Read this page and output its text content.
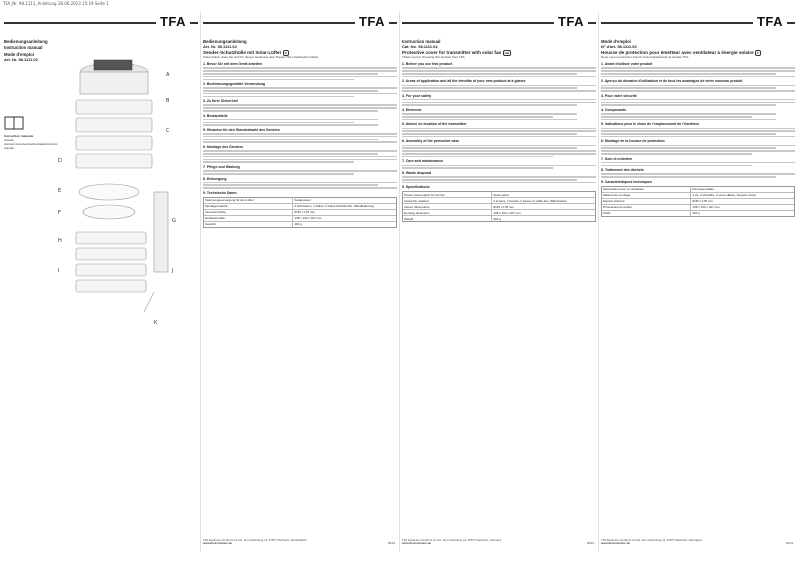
TFA_Nr. 98.1111_Anleitung 28.06.2023 15:19 Seite 1
TFA
Bedienungsanleitung
Instruction manual
Mode d'emploi
Art. Nr. 98.1111.02
A
B
C
D
E
F
G
H
I	J
K
Instruction manuals
www.tfa-dostmann.de/en/service/downloads/instruction-manuals
TFA
Bedienungsanleitung
Art. Nr. 98.1111.02
Sender-Schutzhülle mit Solar-Lüfter D
Vielen Dank, dass Sie sich für dieses Gerät aus dem Hause TFA entschieden haben.
1. Bevor Sie mit dem Gerät arbeiten
2. Bestimmungsgemäße Verwendung
3. Zu Ihrer Sicherheit
4. Bestandteile
5. Hinweise für den Standortwahl des Senders
6. Montage des Senders
7. Pflege und Wartung
8. Entsorgung
9. Technische Daten
Spannungsversorgung für den Lüfter	Solarpaneel
Montagematerial	4 Schrauben, 4 Dübel, 2 Kabel-Kabelbinder, Wandhalterung
Innenraumhöhe	Ø 80 x 178 mm
Gehäusemaße	138 x 163 x 327 mm
Gewicht	494 g
TFA Dostmann GmbH & Co.KG, Zum Ottersberg 12, 97877 Wertheim, Deutschland
www.tfa-dostmann.de	06/23
TFA
Instruction manual
Cat. No. 98.1111.02
Protective cover for transmitter with solar fan GB
Thank you for choosing this product from TFA.
1. Before you use this product
2. Areas of application and all the benefits of your new product at a glance
3. For your safety
4. Elements
5. Advice on location of the transmitter
6. Assembly of the protective case
7. Care and maintenance
8. Waste disposal
9. Specifications
Power consumption for the fan	Solar panel
Assembly material	4 screws, 4 dowels, 2 pieces of cable ties, Wall bracket
Interior dimensions	Ø 80 x 178 mm
Housing dimension	138 x 163 x 327 mm
Weight	494 g
TFA Dostmann GmbH & Co.KG, Zum Ottersberg 12, 97877 Wertheim, Germany
www.tfa-dostmann.de	06/23
TFA
Mode d'emploi
N° d'art. 98.1111.02
Housse de protection pour émetteur avec ventilateur à énergie solaire F
Nous vous remercions d'avoir choisi l'appareil de la société TFA.
1. Avant d'utiliser votre produit
2. Aperçu du domaine d'utilisation et de tous les avantages de votre nouveau produit
3. Pour votre sécurité
4. Composants
5. Indications pour le choix de l'emplacement de l'émetteur
6. Montage de la housse de protection
7. Soin et entretien
8. Traitement des déchets
9. Caractéristiques techniques
Alimentation pour le ventilateur	Panneau solaire
Matériel de montage	4 vis, 4 chevilles, 2 serre-câbles, Support mural
Espace intérieur	Ø 80 x 178 mm
Dimensions du boîtier	138 x 163 x 327 mm
Poids	494 g
TFA Dostmann GmbH & Co.KG, Zum Ottersberg 12, 97877 Wertheim, Allemagne
www.tfa-dostmann.de	06/23
